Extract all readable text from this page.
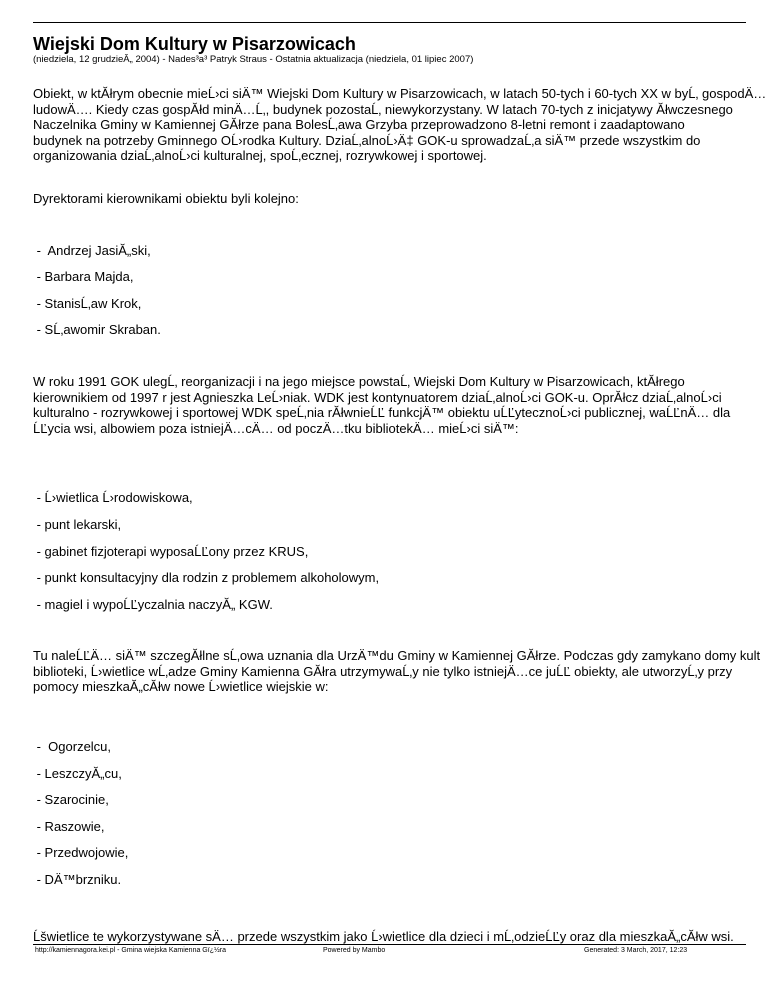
Wiejski Dom Kultury w Pisarzowicach
(niedziela, 12 grudzieĂ„ 2004) - Nades³a³ Patryk Straus - Ostatnia aktualizacja (niedziela, 01 lipiec 2007)
Obiekt, w ktĂłrym obecnie mieĹ›ci siÄ™ Wiejski Dom Kultury w Pisarzowicach, w latach 50-tych i 60-tych XX w byĹ‚ gospodÄ…
ludowÄ…. Kiedy czas gospĂłd minÄ…Ĺ‚, budynek pozostaĹ‚ niewykorzystany. W latach 70-tych z inicjatywy Ăłwczesnego
Naczelnika Gminy w Kamiennej GĂłrze pana BolesĹ‚awa Grzyba przeprowadzono 8-letni remont i zaadaptowano
budynek na potrzeby Gminnego OĹ›rodka Kultury. DziaĹ‚alnoĹ›Ä‡ GOK-u sprowadzaĹ‚a siÄ™ przede wszystkim do
organizowania dziaĹ‚alnoĹ›ci kulturalnej, spoĹ‚ecznej, rozrywkowej i sportowej.
Dyrektorami kierownikami obiektu byli kolejno:
-  Andrzej JasiĂ„ski,
- Barbara Majda,
- StanisĹ‚aw Krok,
- SĹ‚awomir Skraban.
W roku 1991 GOK ulegĹ‚ reorganizacji i na jego miejsce powstaĹ‚ Wiejski Dom Kultury w Pisarzowicach, ktĂłrego
kierownikiem od 1997 r jest Agnieszka LeĹ›niak. WDK jest kontynuatorem dziaĹ‚alnoĹ›ci GOK-u. OprĂłcz dziaĹ‚alnoĹ›ci
kulturalno - rozrywkowej i sportowej WDK speĹ‚nia rĂłwnieĹĽ funkcjÄ™ obiektu uĹĽytecznoĹ›ci publicznej, waĹĽnÄ… dla
ĹĽycia wsi, albowiem poza istniejÄ…cÄ… od poczÄ…tku bibliotekÄ… mieĹ›ci siÄ™:
- Ĺ›wietlica Ĺ›rodowiskowa,
- punt lekarski,
- gabinet fizjoterapi wyposaĹĽony przez KRUS,
- punkt konsultacyjny dla rodzin z problemem alkoholowym,
- magiel i wypoĹĽyczalnia naczyĂ„ KGW.
Tu naleĹĽÄ… siÄ™ szczegĂłlne sĹ‚owa uznania dla UrzÄ™du Gminy w Kamiennej GĂłrze. Podczas gdy zamykano domy kult
biblioteki, Ĺ›wietlice wĹ‚adze Gminy Kamienna GĂłra utrzymywaĹ‚y nie tylko istniejÄ…ce juĹĽ obiekty, ale utworzyĹ‚y przy
pomocy mieszkaĂ„cĂłw nowe Ĺ›wietlice wiejskie w:
-  Ogorzelcu,
- LeszczyĂ„cu,
- Szarocinie,
- Raszowie,
- Przedwojowie,
- DÄ™brzniku.
Ĺšwietlice te wykorzystywane sÄ… przede wszystkim jako Ĺ›wietlice dla dzieci i mĹ‚odzieĹĽy oraz dla mieszkaĂ„cĂłw wsi.
http://kamiennagora.kei.pl - Gmina wiejska Kamienna Gï¿½ra	Powered by Mambo	Generated: 3 March, 2017, 12:23
